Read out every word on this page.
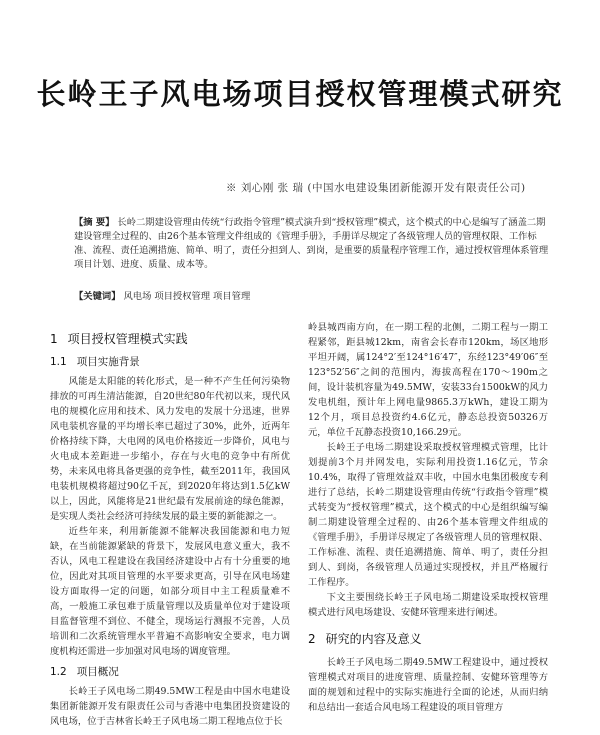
长岭王子风电场项目授权管理模式研究
※ 刘心刚 张 瑞 (中国水电建设集团新能源开发有限责任公司)
【摘 要】 长岭二期建设管理由传统“行政指令管理”模式演升到“授权管理”模式，这个模式的中心是编写了涵盖二期建设管理全过程的、由26个基本管理文件组成的《管理手册》，手册详尽规定了各级管理人员的管理权限、工作标准、流程、责任追溯措施、简单、明了，责任分担到人、到岗，是重要的质量程序管理工作，通过授权管理体系管理项目计划、进度、质量、成本等。
【关键词】 风电场 项目授权管理 项目管理
1 项目授权管理模式实践
1.1 项目实施背景

风能是太阳能的转化形式，是一种不产生任何污染物排放的可再生清洁能源，自20世纪80年代初以来，现代风电的规模化应用和技术、风力发电的发展十分迅速，世界风电装机容量的平均增长率已超过了30%，此外，近两年价格持续下降，大电网的风电价格接近一步降价，风电与火电成本差距进一步缩小，存在与火电的竞争中有所优势，未来风电将具备更强的竞争性，截至2011年，我国风电装机规模将超过90亿千瓦，到2020年将达到1.5亿kW以上，因此，风能将是21世纪最有发展前途的绿色能源，是实现人类社会经济可持续发展的最主要的新能源之一。

近些年来，利用新能源不能解决我国能源和电力短缺，在当前能源紧缺的背景下，发展风电意义重大，我不否认，风电工程建设在我国经济建设中占有十分重要的地位，因此对其项目管理的水平要求更高，引导在风电场建设方面取得一定的问题，如部分项目中主工程质量难不高，一般施工承包难于质量管理以及质量单位对于建设项目监督管理不到位、不健全，现场运行测报不完善，人员培训和二次系统管理水平普遍不高影响安全要求，电力调度机构还需进一步加强对风电场的调度管理。

1.2 项目概况

长岭王子风电场二期49.5MW工程是由中国水电建设集团新能源开发有限责任公司与香港中电集团投资建设的风电场，位于吉林省长岭王子风电场二期工程地点位于长

岭县城西南方向，在一期工程的北侧，二期工程与一期工程紧邻，距县城12km，南省会长春市120km，场区地形平坦开阔，属124°2′至124°16′47″，东经123°49′06″至123°52′56″之间的范围内，海拔高程在170～190m之间，设计装机容量为49.5MW，安装33台1500kW的风力发电机组，预计年上网电量9865.3万kWh，建设工期为12个月，项目总投资约4.6亿元，静态总投资50326万元，单位千瓦静态投资10,166.29元。

长岭王子电场二期建设采取授权管理模式管理，比计划提前3个月并网发电，实际利用投资1.16亿元，节余10.4%，取得了管理效益双丰收，中国水电集团极度专利进行了总结，长岭二期建设管理由传统“行政指令管理”模式转变为“授权管理”模式，这个模式的中心是组织编写编制二期建设管理全过程的、由26个基本管理文件组成的《管理手册》，手册详尽规定了各级管理人员的管理权限、工作标准、流程、责任追溯措施、简单、明了，责任分担到人、到岗，各级管理人员通过实现授权，并且严格履行工作程序。

下文主要围绕长岭王子风电场二期建设采取授权管理模式进行风电场建设、安健环管理来进行阐述。

2 研究的内容及意义

长岭王子风电场二期49.5MW工程建设中，通过授权管理模式对项目的进度管理、质量控制、安健环管理等方面的规划和过程中的实际实施进行全面的论述，从而归纳和总结出一套适合风电场工程建设的项目管理方
